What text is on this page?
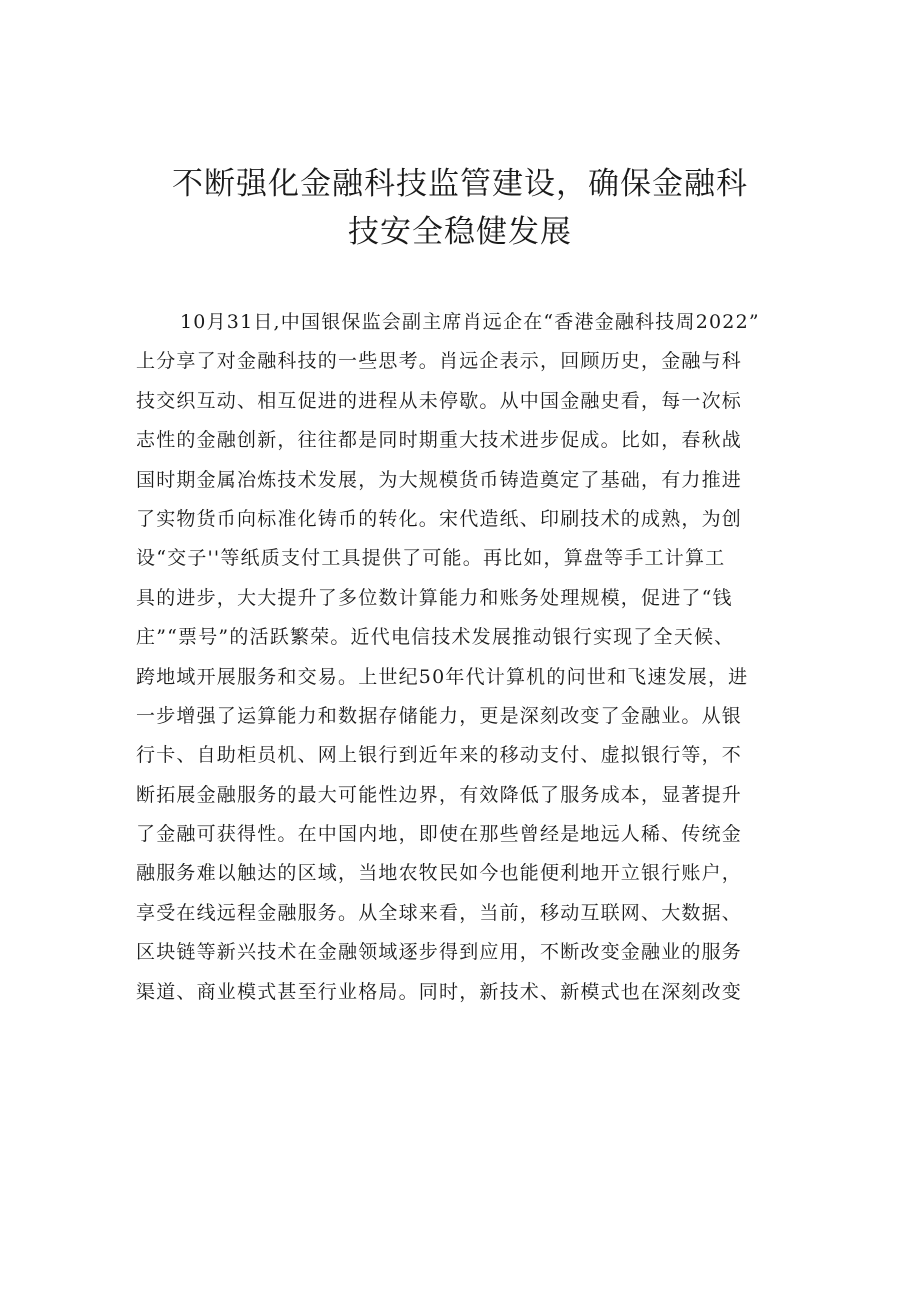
不断强化金融科技监管建设，确保金融科
技安全稳健发展
10月31日,中国银保监会副主席肖远企在“香港金融科技周2022”
上分享了对金融科技的一些思考。肖远企表示，回顾历史，金融与科
技交织互动、相互促进的进程从未停歇。从中国金融史看，每一次标
志性的金融创新，往往都是同时期重大技术进步促成。比如，春秋战
国时期金属冶炼技术发展，为大规模货币铸造奠定了基础，有力推进
了实物货币向标准化铸币的转化。宋代造纸、印刷技术的成熟，为创
设“交子''等纸质支付工具提供了可能。再比如，算盘等手工计算工
具的进步，大大提升了多位数计算能力和账务处理规模，促进了“钱
庄”“票号”的活跃繁荣。近代电信技术发展推动银行实现了全天候、
跨地域开展服务和交易。上世纪50年代计算机的问世和飞速发展，进
一步增强了运算能力和数据存储能力，更是深刻改变了金融业。从银
行卡、自助柜员机、网上银行到近年来的移动支付、虚拟银行等，不
断拓展金融服务的最大可能性边界，有效降低了服务成本，显著提升
了金融可获得性。在中国内地，即使在那些曾经是地远人稀、传统金
融服务难以触达的区域，当地农牧民如今也能便利地开立银行账户，
享受在线远程金融服务。从全球来看，当前，移动互联网、大数据、
区块链等新兴技术在金融领域逐步得到应用，不断改变金融业的服务
渠道、商业模式甚至行业格局。同时，新技术、新模式也在深刻改变
